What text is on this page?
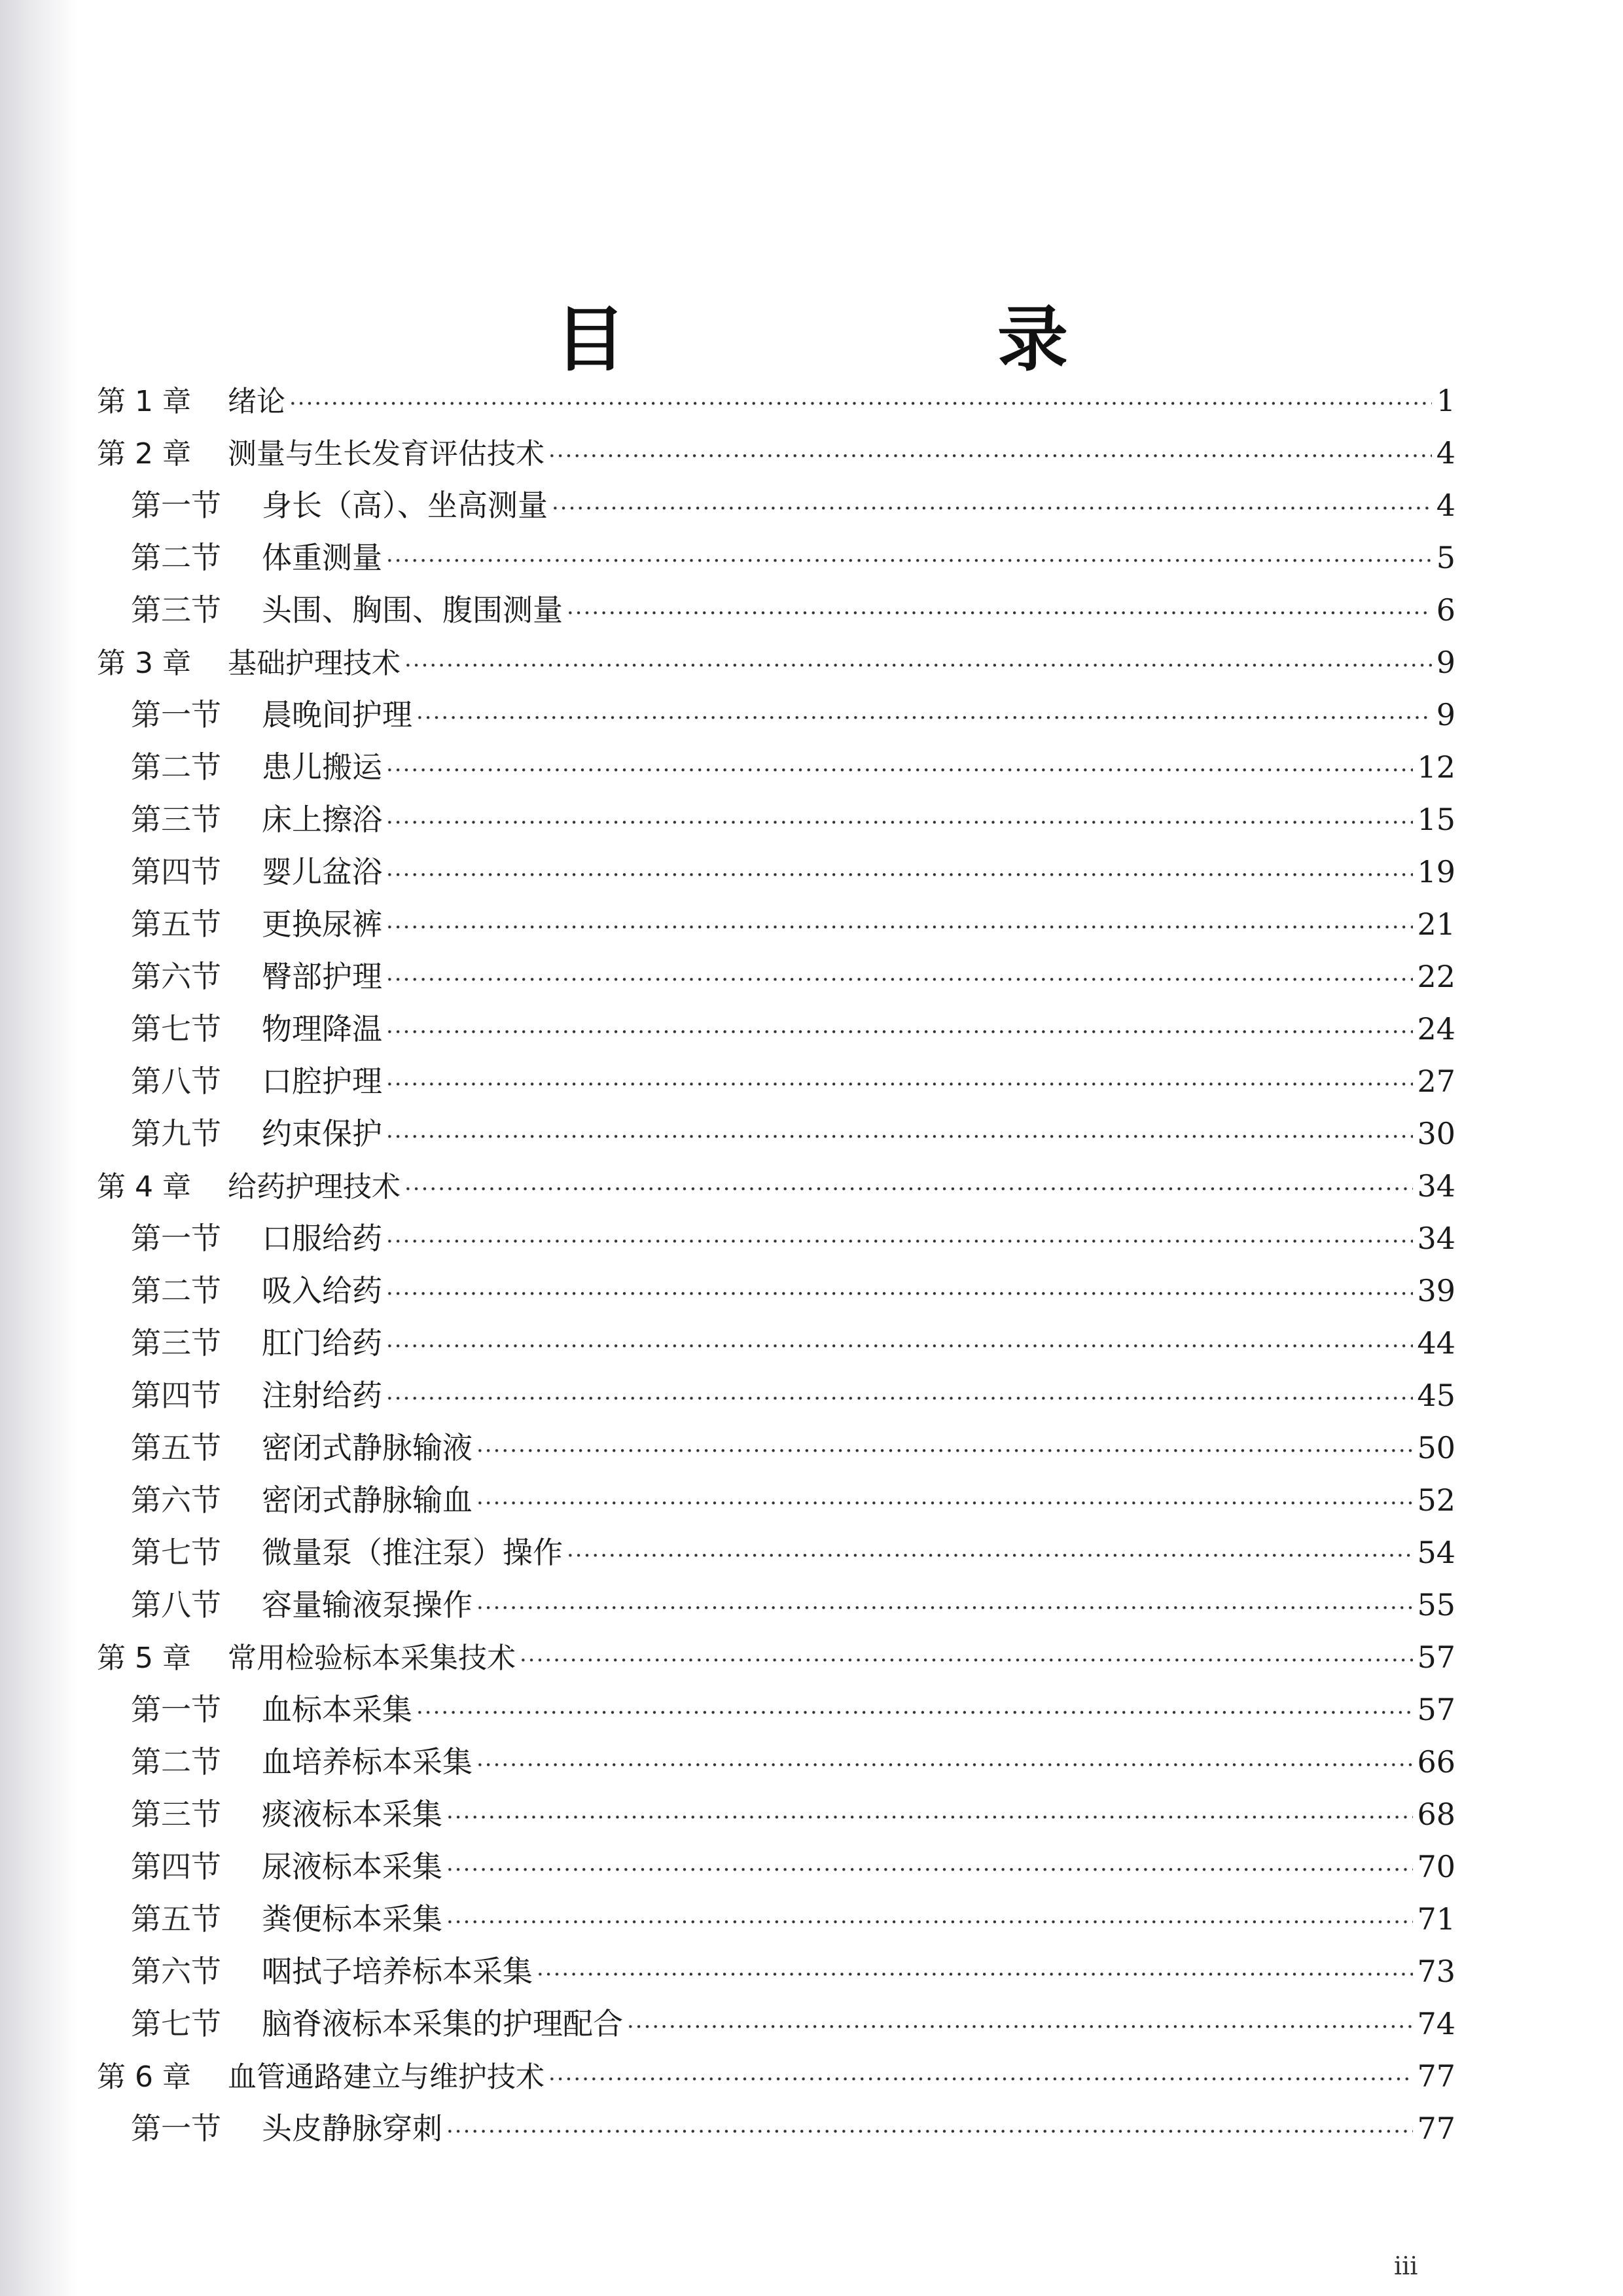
目　录
第 1 章	绪论 ·····	1
第 2 章	测量与生长发育评估技术 ·····	4
第一节	身长（高）、坐高测量 ·····	4
第二节	体重测量 ·····	5
第三节	头围、胸围、腹围测量 ·····	6
第 3 章	基础护理技术 ·····	9
第一节	晨晚间护理 ·····	9
第二节	患儿搬运 ·····	12
第三节	床上擦浴 ·····	15
第四节	婴儿盆浴 ·····	19
第五节	更换尿裤 ·····	21
第六节	臀部护理 ·····	22
第七节	物理降温 ·····	24
第八节	口腔护理 ·····	27
第九节	约束保护 ·····	30
第 4 章	给药护理技术 ·····	34
第一节	口服给药 ·····	34
第二节	吸入给药 ·····	39
第三节	肛门给药 ·····	44
第四节	注射给药 ·····	45
第五节	密闭式静脉输液 ·····	50
第六节	密闭式静脉输血 ·····	52
第七节	微量泵（推注泵）操作 ·····	54
第八节	容量输液泵操作 ·····	55
第 5 章	常用检验标本采集技术 ·····	57
第一节	血标本采集 ·····	57
第二节	血培养标本采集 ·····	66
第三节	痰液标本采集 ·····	68
第四节	尿液标本采集 ·····	70
第五节	粪便标本采集 ·····	71
第六节	咽拭子培养标本采集 ·····	73
第七节	脑脊液标本采集的护理配合 ·····	74
第 6 章	血管通路建立与维护技术 ·····	77
第一节	头皮静脉穿刺 ·····	77
iii
